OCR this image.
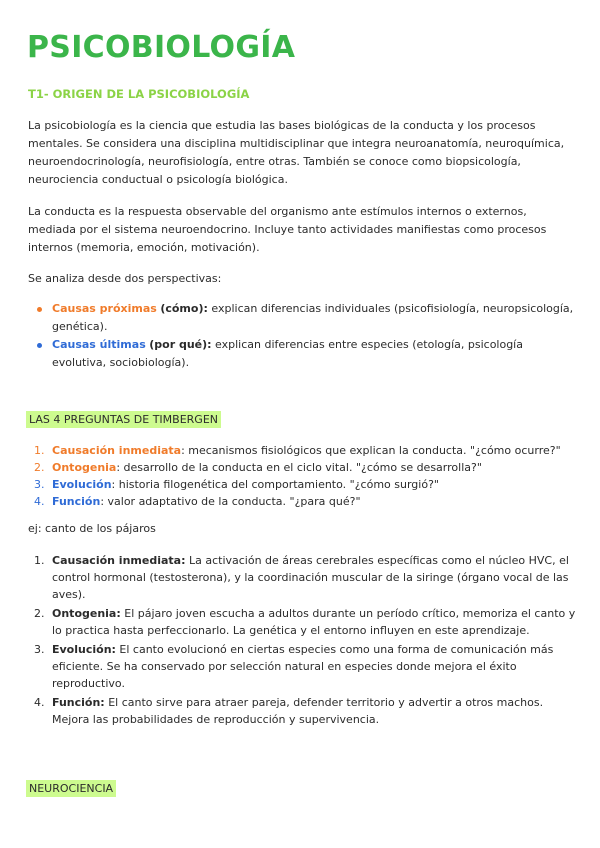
PSICOBIOLOGÍA
T1- ORIGEN DE LA PSICOBIOLOGÍA

La psicobiología es la ciencia que estudia las bases biológicas de la conducta y los procesos mentales. Se considera una disciplina multidisciplinar que integra neuroanatomía, neuroquímica, neuroendocrinología, neurofisiología, entre otras. También se conoce como biopsicología, neurociencia conductual o psicología biológica.

La conducta es la respuesta observable del organismo ante estímulos internos o externos, mediada por el sistema neuroendocrino. Incluye tanto actividades manifiestas como procesos internos (memoria, emoción, motivación).

Se analiza desde dos perspectivas:

Causas próximas (cómo): explican diferencias individuales (psicofisiología, neuropsicología, genética).
Causas últimas (por qué): explican diferencias entre especies (etología, psicología evolutiva, sociobiología).
LAS 4 PREGUNTAS DE TIMBERGEN
1. Causación inmediata: mecanismos fisiológicos que explican la conducta. "¿cómo ocurre?"
2. Ontogenia: desarrollo de la conducta en el ciclo vital. "¿cómo se desarrolla?"
3. Evolución: historia filogenética del comportamiento. "¿cómo surgió?"
4. Función: valor adaptativo de la conducta. "¿para qué?"

ej: canto de los pájaros

1. Causación inmediata: La activación de áreas cerebrales específicas como el núcleo HVC, el control hormonal (testosterona), y la coordinación muscular de la siringe (órgano vocal de las aves).
2. Ontogenia: El pájaro joven escucha a adultos durante un período crítico, memoriza el canto y lo practica hasta perfeccionarlo. La genética y el entorno influyen en este aprendizaje.
3. Evolución: El canto evolucionó en ciertas especies como una forma de comunicación más eficiente. Se ha conservado por selección natural en especies donde mejora el éxito reproductivo.
4. Función: El canto sirve para atraer pareja, defender territorio y advertir a otros machos. Mejora las probabilidades de reproducción y supervivencia.
NEUROCIENCIA
